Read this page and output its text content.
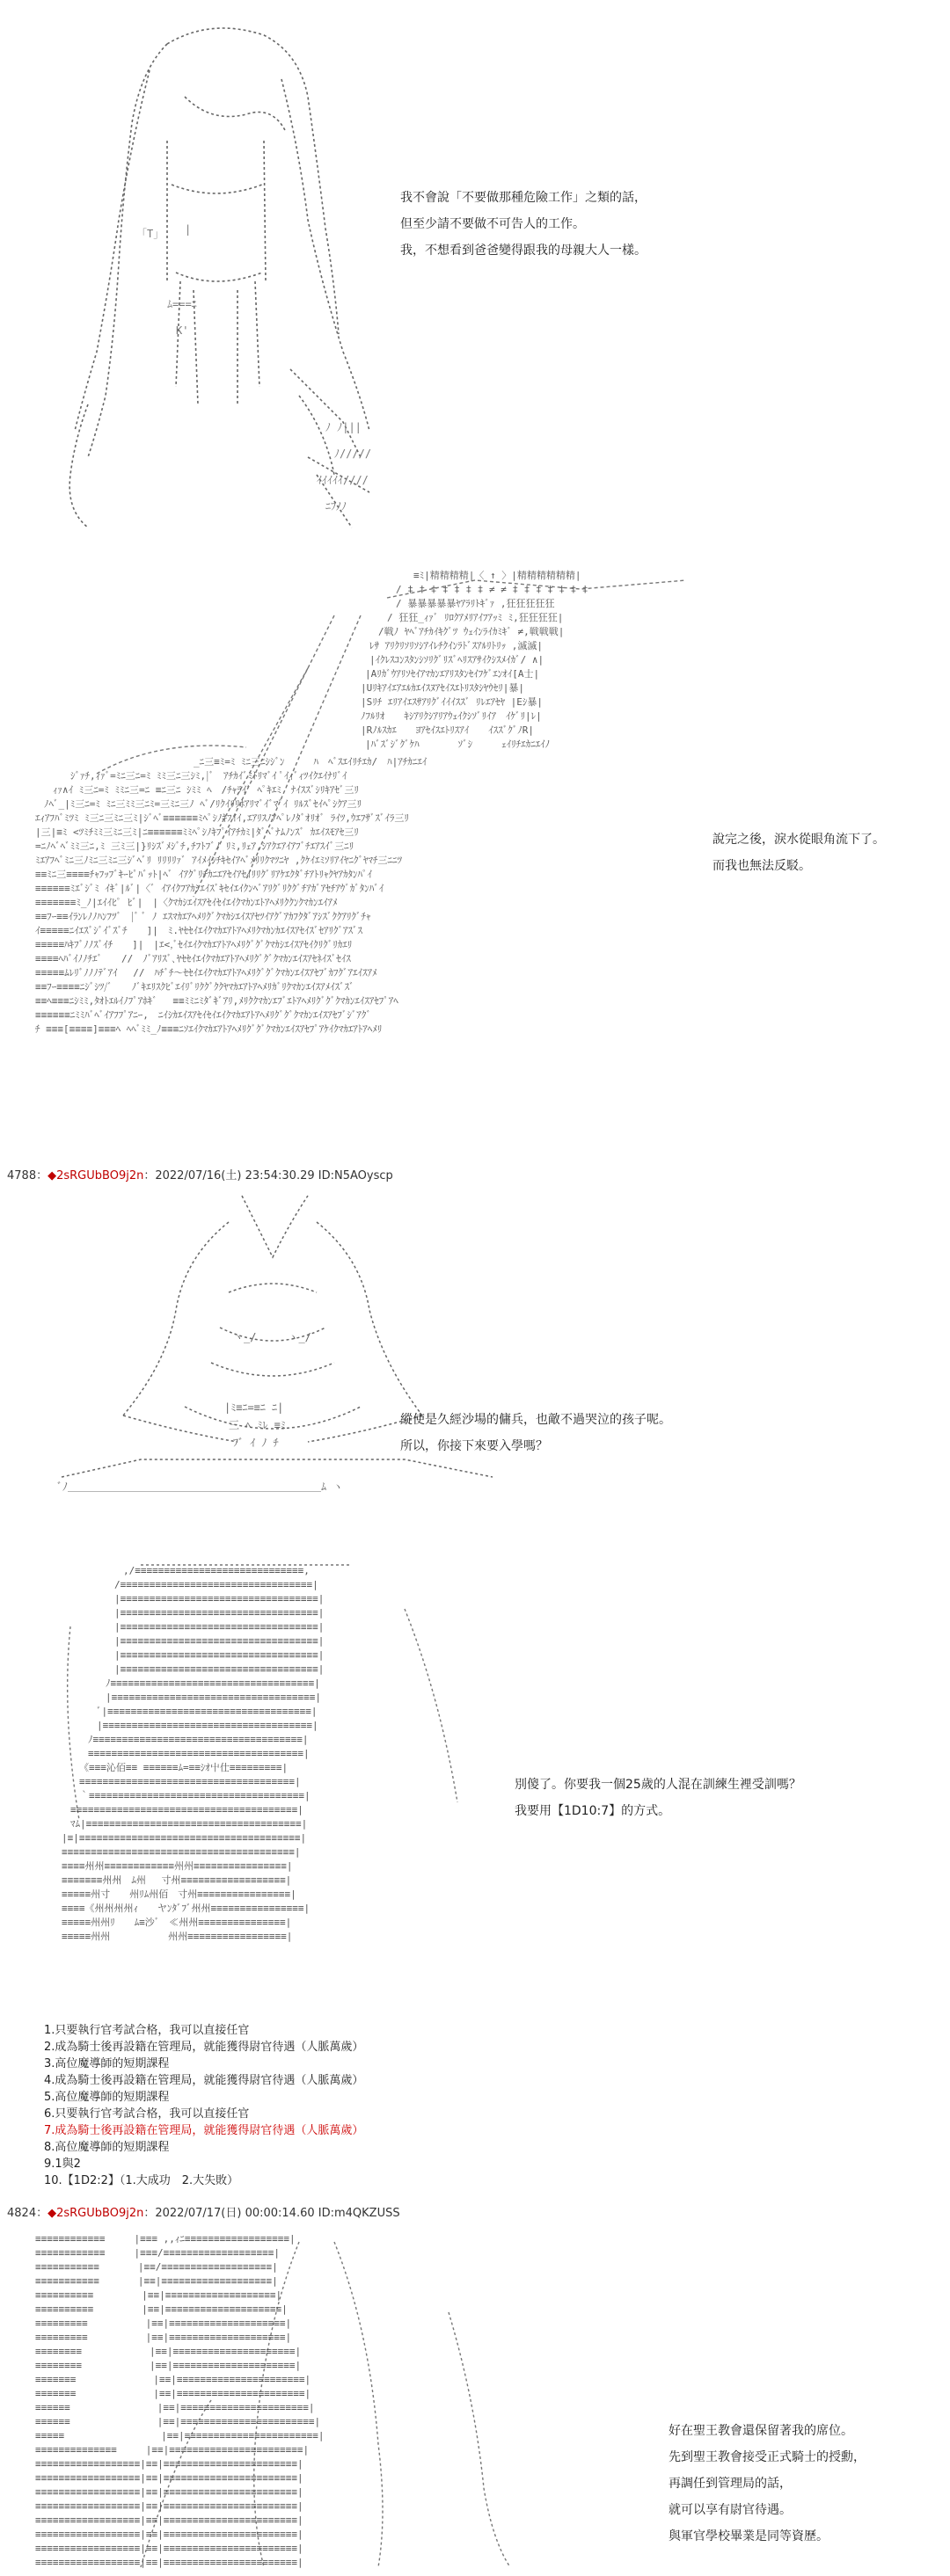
「T」 |
ﾑ===ﾆ
K'
ﾉ ﾉ|||
ﾉ/////
ｲｲｲｲｲ////
ﾆﾌﾉﾉ
我不會說「不要做那種危險工作」之類的話，
但至少請不要做不可告人的工作。
我，不想看到爸爸變得跟我的母親大人一樣。
≡ﾐ|精精精精|〈 ↑ 〉|精精精精精精|
/ ‡ ‡ ‡ ‡ ‡ ‡ ‡ ≠ ≠ ‡ ‡ ‡ ‡ ‡ ‡ ‡
/ 暴暴暴暴暴ﾔｱﾗﾘﾄｷﾞｧ ,狂狂狂狂狂
/ 狂狂_ｨｧﾞ ﾘﾛｸｱﾒﾘｱｲﾌｱｯﾐ ﾐ,狂狂狂狂|
/戦ﾉ ﾔﾍﾞｱﾁｶｲｷｸﾞﾂ ｳｪｲﾝﾗｲｶﾐｷﾞ ≠,戦戦戦|
ﾚｻ ｱﾘｸﾘｿﾘｿｼｱｲﾚﾁｸｲﾝﾗﾄﾞｽｱﾙﾘﾄﾘｯ ,滅滅|
|ｲｸﾚｽｺﾝｽﾀﾝｼｿﾘｸﾞﾘｽﾞﾍﾘｽｱｻｲｸｼｽﾒｲｶﾞ/ ∧|
|Aﾘｶﾞｳｱﾘｿｾｲｱﾏｶﾝｴｱﾘｽﾀﾝｾｲﾌｹﾞｴﾝｵｲ[A士|
|Uﾘｷｱｲｴｱｴﾙｶｴｲｽﾇｱｾｲｽｴﾄﾘｽﾀｼﾔｳｾﾘ|暴|
|Sﾘﾁ ｴﾘｱｲｴｽｻｱﾘｸﾞｲｲｲｽｽﾞ ﾘﾚｴｱｾﾔ |Eｼ暴|
ﾉﾌﾙﾘｵ　　ｷｼｱﾘｸｼｱﾘｱｳｪｲｸｼｿﾞﾘｲｱ　ｲｹﾞﾘ|ﾚ|
|Rﾉﾙｽｶｴ　　ﾖｱｾｲｽｴﾄﾘｽｱｲ　　ｲｽｽﾞｸﾞﾉR|
|ﾊﾞｽﾞｼﾞｸﾞｹﾊ　　　　ｿﾞｼ　　　ｪｲﾘﾁｴｶﾆｴｲﾉ
_ﾆ三≡ﾐ=ﾐ ﾐﾆ三ﾆｼｼﾞﾝ　　　ﾊ　ﾍﾞｽｴｲﾘﾁｴｶ/　ﾊ|ｱﾁｶﾆｴｲ
ｼﾞｧﾁ,ｨｧﾞ=ﾐﾆ三ﾆ=ﾐ ﾐﾐ三ﾆ三ｼﾐ,|ﾞ　ｱﾁｶｲﾞﾐﾄﾘﾏﾞｲ ﾟｲｨﾞｨﾂｲｸｴｲﾅﾘﾞｲ
ｨｧ∧ｲ ﾐ三ﾆ=ﾐ ﾐﾐﾆ三=ﾆ ≡ﾆ三ﾆ ｼﾐﾐ ﾍ　/ﾁｬﾗｲﾞ ﾍﾟｷｴﾐ　ﾅｲｽｽﾞｼﾘｷｱｾﾞ三ﾘ
ﾉﾍﾞ_|ﾐ三ﾆ=ﾐ ﾐﾆ三ﾐﾐ三ﾆﾐ=三ﾐﾆ三ﾉ ﾍﾞ/ﾘｸｲﾘﾘﾎｱﾘﾏﾞｲﾞﾏﾞｲ ﾘﾙｽﾞｾｲﾍﾟｼｸｱ三ﾘ
ｴｨｱﾌﾊﾞﾐﾂﾐ ﾐ三ﾆ三ﾐﾆ三ﾐ|ｼﾞﾍﾞ≡≡≡≡≡≡ﾐﾍﾟｼﾉｷﾌｲｲ,ｴｱﾘｽﾉｱﾍﾟﾚﾉﾀﾞｵﾘｵﾞ ﾗｲﾂ,ｳｴﾌｻﾞｽﾞｲﾗ三ﾘ
|三|≡ﾐ <ﾂﾐﾁﾐﾐ三ﾐﾆ三ﾐ|ﾆ≡≡≡≡≡≡ﾐﾐﾍﾟｼﾉｷﾌﾟｲｱﾁｶﾐ|ﾀﾞﾍﾞﾅﾑﾉﾝｽﾞ ｶｴｲｽﾓｱｾ三ﾘ
=ﾆﾉﾍﾞﾍﾞﾐﾐ三ﾆ,ﾐ 三ﾐ三|}ﾘｼｽﾞﾒｼﾞﾁ,ﾁﾌﾄﾌﾞﾉ ﾘﾐ,ﾘｪｱ,ｼｱｸｴｱｲｱﾌﾞﾁｴｱｽｲﾞ三ﾆﾘ
ﾐｴｱﾌﾍﾞﾐﾆ三ﾉﾐﾆ三ﾐﾆ三ｼﾞﾍﾞﾘ ﾘﾘﾘﾘｧﾞ ｱｲﾒｲｼﾁｷｾｲｱﾍﾞﾒﾘﾘｸﾏﾂﾆﾔ ,ｸｹｲｴﾐｿﾘｱｲﾔﾆｸﾞﾔﾏﾁ三ﾆﾆﾂ
≡≡ﾐﾆ三≡≡≡≡ﾁｬﾌｯﾌﾞｷｰﾋﾟﾊﾞｯﾄ|ﾍﾞ ｲｱｸﾞﾘﾁｶﾆｴｱｾｲｱｾｲﾘﾘｸﾞﾘｱｹｴｸﾀﾞﾁｱﾄﾘｬｸﾔｱｶﾀﾝﾊﾟｲ
≡≡≡≡≡≡ﾐｴﾞｼﾞﾐ ｲｷﾞ|ﾙﾞ|〈ﾞ ｲｱｲｸﾌｱｶｼｴｲｽﾞｷｾｲｴｲｸﾝﾍﾞｱﾘｸﾞﾘｸｸﾞﾁｱｶﾞｱｾﾁｱｳﾞｶﾞﾀﾝﾊﾞｲ
≡≡≡≡≡≡≡ﾐ_ﾉ|ｴｲｲﾋﾟ ﾋﾞ|　|〈ｸﾏｶｼｴｲｽｱｾｲｾｲｴｲｸﾏｶﾝｴﾄｱﾍﾒﾘｸｸﾝｸﾏｶﾝｴｲｱﾒ
≡≡ﾌｰ≡≡ｲﾗﾝﾚﾉﾉﾊﾝﾌﾂﾞ　|ﾞ ﾞ ﾉ ｴｽﾏｶｴｱﾍﾒﾘｸﾞｸﾏｶｼｴｲｽｱｾﾂｲｱｸﾞｱｶﾌｸﾀﾞｱｼｽﾞｸｸｱﾘｸﾞﾁｬ
ｲ≡≡≡≡≡ﾆｲｴｽﾞｼﾞｲﾞｽﾞﾁ　　]|　ﾐ.ﾔｾｾｲｴｲｸﾏｶｴｱﾄｱﾍﾒﾘｸﾏｶﾝｶｴｲｽｱｾｲｽﾞｾｱﾘｸﾞｱｽﾞｽ
≡≡≡≡≡ﾊｷﾌﾞﾉﾉｽﾞｲﾁ　　]|　|ｴ<,ﾞｾｲｴｲｸﾏｶｴｱﾄｱﾍﾒﾘｸﾞｸﾞｸﾏｶｼｴｲｽｱｾｲｸﾘｸﾞﾘｶｴﾘ
≡≡≡≡ﾍﾊﾞｲﾉﾉﾁｴﾞ　　//　ﾉﾞｱﾘｽﾞ､ﾔｾｾｲｴｲｸﾏｶｴｱﾄｱﾍﾒﾘｸﾞｸﾞｸﾏｶﾝｴｲｽｱｾﾈｲｽﾞｾｲｽ
≡≡≡≡≡ﾑﾚﾘﾞﾉﾉﾉﾃﾞｱｲ　 //　ﾊﾁﾞﾁ〜ｾｾｲｴｲｸﾏｶｴｱﾄｱﾍﾒﾘｸﾞｸﾞｸﾏｶﾝｴｲｽｱｾﾌﾞｶﾌｸﾞｱｴｲｽｱﾒ
≡≡ﾌｰ≡≡≡≡ﾆｼﾞｼﾂ/ﾞ　　ﾉﾞｷｴﾘｽｸﾋﾞｴｲﾘﾞﾘｸｸﾞｸｸﾔﾏｶｴｱﾄｱﾍﾒﾘｶﾞﾘｸﾏｶﾝｴｲｽｱﾒｲｽﾞｽﾞ
≡≡ﾍ≡≡≡ﾆｼﾐﾐ,ﾀｵﾄｴﾙｲﾉﾌﾟｱﾎｷﾞ　 ≡≡ﾐﾐﾆﾐﾀﾞｷﾞｱﾘ,ﾒﾘｸｸﾏｶﾝｴﾌﾞｴﾄｱﾍﾒﾘｸﾞｸﾞｸﾏｶﾝｴｲｽｱｾﾌﾟｱﾍ
≡≡≡≡≡≡ﾆﾐﾐﾊﾞﾍﾞｲｱﾌﾌﾟｱﾆｰ,　ﾆｲｼｶｴｲｽｱｾｲｾｲｴｲｸﾏｶｴｱﾄｱﾍﾒﾘｸﾞｸﾞｸﾏｶﾝｴｲｽｱｾﾌﾞｼﾞｱｸﾞ
ﾁ ≡≡≡[≡≡≡≡]≡≡≡ﾍ ﾍﾍﾞﾐﾐ_ﾉ≡≡≡ﾆｿｴｲｸﾏｶｴｱﾄｱﾍﾒﾘｸﾞｸﾞｸﾏｶﾝｴｲｽｱｾﾌﾟｱｹｲｸﾏｶｴｱﾄｱﾍﾒﾘ
說完之後，淚水從眼角流下了。
而我也無法反駁。
4788：◆2sRGUbBO9j2n：2022/07/16(土) 23:54:30.29 ID:N5AOyscp
ヽ_/　　　ヽ_/
|ﾐ≡ﾆ=≡ﾆ ﾆ|
三 ﾍ ﾐﾚ ≡ﾐ
ﾌﾞ ｲ ﾉ ﾁ
ﾞﾉ＿＿＿＿＿＿＿＿＿＿＿＿＿＿＿＿＿＿＿＿＿＿＿＿ﾑ ヽ
縱使是久經沙場的傭兵，也敵不過哭泣的孩子呢。
所以，你接下來要入學嗎？
,/≡≡≡≡≡≡≡≡≡≡≡≡≡≡≡≡≡≡≡≡≡≡≡≡≡≡≡≡≡,
/≡≡≡≡≡≡≡≡≡≡≡≡≡≡≡≡≡≡≡≡≡≡≡≡≡≡≡≡≡≡≡≡≡|
|≡≡≡≡≡≡≡≡≡≡≡≡≡≡≡≡≡≡≡≡≡≡≡≡≡≡≡≡≡≡≡≡≡≡|
|≡≡≡≡≡≡≡≡≡≡≡≡≡≡≡≡≡≡≡≡≡≡≡≡≡≡≡≡≡≡≡≡≡≡|
|≡≡≡≡≡≡≡≡≡≡≡≡≡≡≡≡≡≡≡≡≡≡≡≡≡≡≡≡≡≡≡≡≡≡|
|≡≡≡≡≡≡≡≡≡≡≡≡≡≡≡≡≡≡≡≡≡≡≡≡≡≡≡≡≡≡≡≡≡≡|
|≡≡≡≡≡≡≡≡≡≡≡≡≡≡≡≡≡≡≡≡≡≡≡≡≡≡≡≡≡≡≡≡≡≡|
|≡≡≡≡≡≡≡≡≡≡≡≡≡≡≡≡≡≡≡≡≡≡≡≡≡≡≡≡≡≡≡≡≡≡|
ﾉ≡≡≡≡≡≡≡≡≡≡≡≡≡≡≡≡≡≡≡≡≡≡≡≡≡≡≡≡≡≡≡≡≡≡≡|
|≡≡≡≡≡≡≡≡≡≡≡≡≡≡≡≡≡≡≡≡≡≡≡≡≡≡≡≡≡≡≡≡≡≡≡|
ﾞ|≡≡≡≡≡≡≡≡≡≡≡≡≡≡≡≡≡≡≡≡≡≡≡≡≡≡≡≡≡≡≡≡≡≡≡|
|≡≡≡≡≡≡≡≡≡≡≡≡≡≡≡≡≡≡≡≡≡≡≡≡≡≡≡≡≡≡≡≡≡≡≡≡|
ﾉ≡≡≡≡≡≡≡≡≡≡≡≡≡≡≡≡≡≡≡≡≡≡≡≡≡≡≡≡≡≡≡≡≡≡≡≡|
≡≡≡≡≡≡≡≡≡≡≡≡≡≡≡≡≡≡≡≡≡≡≡≡≡≡≡≡≡≡≡≡≡≡≡≡≡|
《≡≡≡沁佰≡≡ ≡≡≡≡≡≡ﾑ=≡≡ｼｵ屮仕≡≡≡≡≡≡≡≡≡|
≡≡≡≡≡≡≡≡≡≡≡≡≡≡≡≡≡≡≡≡≡≡≡≡≡≡≡≡≡≡≡≡≡≡≡≡≡|
｀≡≡≡≡≡≡≡≡≡≡≡≡≡≡≡≡≡≡≡≡≡≡≡≡≡≡≡≡≡≡≡≡≡≡≡≡≡|
≡≡≡≡≡≡≡≡≡≡≡≡≡≡≡≡≡≡≡≡≡≡≡≡≡≡≡≡≡≡≡≡≡≡≡≡≡≡≡|
ﾏﾑ|≡≡≡≡≡≡≡≡≡≡≡≡≡≡≡≡≡≡≡≡≡≡≡≡≡≡≡≡≡≡≡≡≡≡≡≡≡|
|≡|≡≡≡≡≡≡≡≡≡≡≡≡≡≡≡≡≡≡≡≡≡≡≡≡≡≡≡≡≡≡≡≡≡≡≡≡≡≡|
≡≡≡≡≡≡≡≡≡≡≡≡≡≡≡≡≡≡≡≡≡≡≡≡≡≡≡≡≡≡≡≡≡≡≡≡≡≡≡≡|
≡≡≡≡州州≡≡≡≡≡≡≡≡≡≡≡≡州州≡≡≡≡≡≡≡≡≡≡≡≡≡≡≡≡|
≡≡≡≡≡≡≡州州　ﾑ州　 寸州≡≡≡≡≡≡≡≡≡≡≡≡≡≡≡≡≡≡|
≡≡≡≡≡州寸　　州ﾘﾑ州佰　寸州≡≡≡≡≡≡≡≡≡≡≡≡≡≡≡≡|
≡≡≡≡《州州州州ｨ　　ヤﾝﾀﾞﾌﾞ州州≡≡≡≡≡≡≡≡≡≡≡≡≡≡≡≡|
≡≡≡≡≡州州ﾘ　　ﾑ≡沙ﾞ　≪州州≡≡≡≡≡≡≡≡≡≡≡≡≡≡≡|
≡≡≡≡≡州州　　　　　　州州≡≡≡≡≡≡≡≡≡≡≡≡≡≡≡≡≡|
別傻了。你要我一個25歲的人混在訓練生裡受訓嗎？
我要用【1D10:7】的方式。
1.只要執行官考試合格，我可以直接任官
2.成為騎士後再設籍在管理局，就能獲得尉官待遇（人脈萬歲）
3.高位魔導師的短期課程
4.成為騎士後再設籍在管理局，就能獲得尉官待遇（人脈萬歲）
5.高位魔導師的短期課程
6.只要執行官考試合格，我可以直接任官
7.成為騎士後再設籍在管理局，就能獲得尉官待遇（人脈萬歲）
8.高位魔導師的短期課程
9.1與2
10.【1D2:2】（1.大成功　2.大失敗）
4824：◆2sRGUbBO9j2n：2022/07/17(日) 00:00:14.60 ID:m4QKZUSS
≡≡≡≡≡≡≡≡≡≡≡≡　　　|≡≡≡ ,,ｨﾆ≡≡≡≡≡≡≡≡≡≡≡≡≡≡≡≡≡≡|
≡≡≡≡≡≡≡≡≡≡≡≡　　　|≡≡≡/≡≡≡≡≡≡≡≡≡≡≡≡≡≡≡≡≡≡≡|
≡≡≡≡≡≡≡≡≡≡≡　　　　|≡≡/≡≡≡≡≡≡≡≡≡≡≡≡≡≡≡≡≡≡≡|
≡≡≡≡≡≡≡≡≡≡≡　　　　|≡≡|≡≡≡≡≡≡≡≡≡≡≡≡≡≡≡≡≡≡≡|
≡≡≡≡≡≡≡≡≡≡　　　　　|≡≡|≡≡≡≡≡≡≡≡≡≡≡≡≡≡≡≡≡≡≡|
≡≡≡≡≡≡≡≡≡≡　　　　　|≡≡|≡≡≡≡≡≡≡≡≡≡≡≡≡≡≡≡≡≡≡≡|
≡≡≡≡≡≡≡≡≡　　　　　　|≡≡|≡≡≡≡≡≡≡≡≡≡≡≡≡≡≡≡≡≡≡≡|
≡≡≡≡≡≡≡≡≡　　　　　　|≡≡|≡≡≡≡≡≡≡≡≡≡≡≡≡≡≡≡≡≡≡≡|
≡≡≡≡≡≡≡≡　　　　　　　|≡≡|≡≡≡≡≡≡≡≡≡≡≡≡≡≡≡≡≡≡≡≡≡|
≡≡≡≡≡≡≡≡　　　　　　　|≡≡|≡≡≡≡≡≡≡≡≡≡≡≡≡≡≡≡≡≡≡≡≡|
≡≡≡≡≡≡≡　　　　　　　　|≡≡|≡≡≡≡≡≡≡≡≡≡≡≡≡≡≡≡≡≡≡≡≡≡|
≡≡≡≡≡≡≡　　　　　　　　|≡≡|≡≡≡≡≡≡≡≡≡≡≡≡≡≡≡≡≡≡≡≡≡≡|
≡≡≡≡≡≡　　　　　　　　　|≡≡|≡≡≡≡≡≡≡≡≡≡≡≡≡≡≡≡≡≡≡≡≡≡|
≡≡≡≡≡≡　　　　　　　　　|≡≡|≡≡≡≡≡≡≡≡≡≡≡≡≡≡≡≡≡≡≡≡≡≡≡|
≡≡≡≡≡　　　　　　　　　　|≡≡|≡≡≡≡≡≡≡≡≡≡≡≡≡≡≡≡≡≡≡≡≡≡≡|
≡≡≡≡≡≡≡≡≡≡≡≡≡≡　　　|≡≡|≡≡≡≡≡≡≡≡≡≡≡≡≡≡≡≡≡≡≡≡≡≡≡|
≡≡≡≡≡≡≡≡≡≡≡≡≡≡≡≡≡≡|≡≡|≡≡≡≡≡≡≡≡≡≡≡≡≡≡≡≡≡≡≡≡≡≡≡|
≡≡≡≡≡≡≡≡≡≡≡≡≡≡≡≡≡≡|≡≡|≡≡≡≡≡≡≡≡≡≡≡≡≡≡≡≡≡≡≡≡≡≡≡|
≡≡≡≡≡≡≡≡≡≡≡≡≡≡≡≡≡≡|≡≡|≡≡≡≡≡≡≡≡≡≡≡≡≡≡≡≡≡≡≡≡≡≡≡|
≡≡≡≡≡≡≡≡≡≡≡≡≡≡≡≡≡≡|≡≡|≡≡≡≡≡≡≡≡≡≡≡≡≡≡≡≡≡≡≡≡≡≡≡|
≡≡≡≡≡≡≡≡≡≡≡≡≡≡≡≡≡≡|≡≡|≡≡≡≡≡≡≡≡≡≡≡≡≡≡≡≡≡≡≡≡≡≡≡|
≡≡≡≡≡≡≡≡≡≡≡≡≡≡≡≡≡≡|≡≡|≡≡≡≡≡≡≡≡≡≡≡≡≡≡≡≡≡≡≡≡≡≡≡|
≡≡≡≡≡≡≡≡≡≡≡≡≡≡≡≡≡≡|≡≡|≡≡≡≡≡≡≡≡≡≡≡≡≡≡≡≡≡≡≡≡≡≡≡|
≡≡≡≡≡≡≡≡≡≡≡≡≡≡≡≡≡≡|≡≡|≡≡≡≡≡≡≡≡≡≡≡≡≡≡≡≡≡≡≡≡≡≡≡|
好在聖王教會還保留著我的席位。
先到聖王教會接受正式騎士的授勳，
再調任到管理局的話，
就可以享有尉官待遇。
與軍官學校畢業是同等資歷。
